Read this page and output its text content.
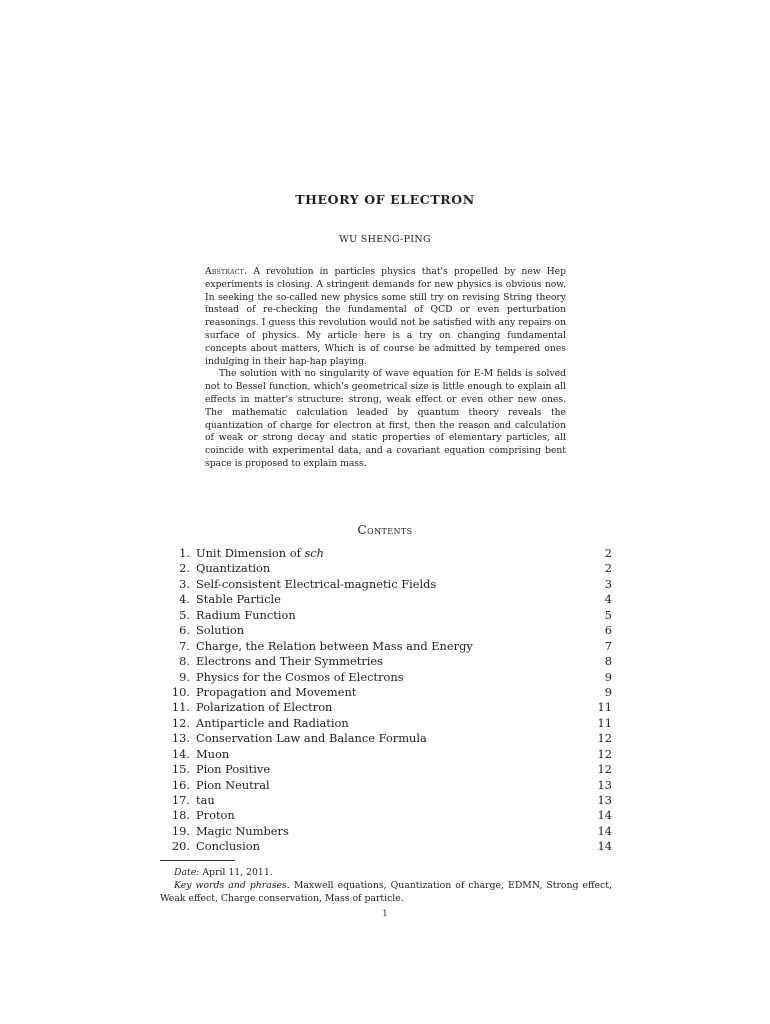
THEORY OF ELECTRON
WU SHENG-PING

Abstract. A revolution in particles physics that's propelled by new Hep experiments is closing. A stringent demands for new physics is obvious now. In seeking the so-called new physics some still try on revising String theory instead of re-checking the fundamental of QCD or even perturbation reasonings. I guess this revolution would not be satisfied with any repairs on surface of physics. My article here is a try on changing fundamental concepts about matters, Which is of course be admitted by tempered ones indulging in their hap-hap playing.

The solution with no singularity of wave equation for E-M fields is solved not to Bessel function, which's geometrical size is little enough to explain all effects in matter's structure: strong, weak effect or even other new ones. The mathematic calculation leaded by quantum theory reveals the quantization of charge for electron at first, then the reason and calculation of weak or strong decay and static properties of elementary particles, all coincide with experimental data, and a covariant equation comprising bent space is proposed to explain mass.

Contents
1. Unit Dimension of sch	2
2. Quantization	2
3. Self-consistent Electrical-magnetic Fields	3
4. Stable Particle	4
5. Radium Function	5
6. Solution	6
7. Charge, the Relation between Mass and Energy	7
8. Electrons and Their Symmetries	8
9. Physics for the Cosmos of Electrons	9
10. Propagation and Movement	9
11. Polarization of Electron	11
12. Antiparticle and Radiation	11
13. Conservation Law and Balance Formula	12
14. Muon	12
15. Pion Positive	12
16. Pion Neutral	13
17. tau	13
18. Proton	14
19. Magic Numbers	14
20. Conclusion	14

Date: April 11, 2011.

Key words and phrases. Maxwell equations, Quantization of charge, EDMN, Strong effect, Weak effect, Charge conservation, Mass of particle.

1
